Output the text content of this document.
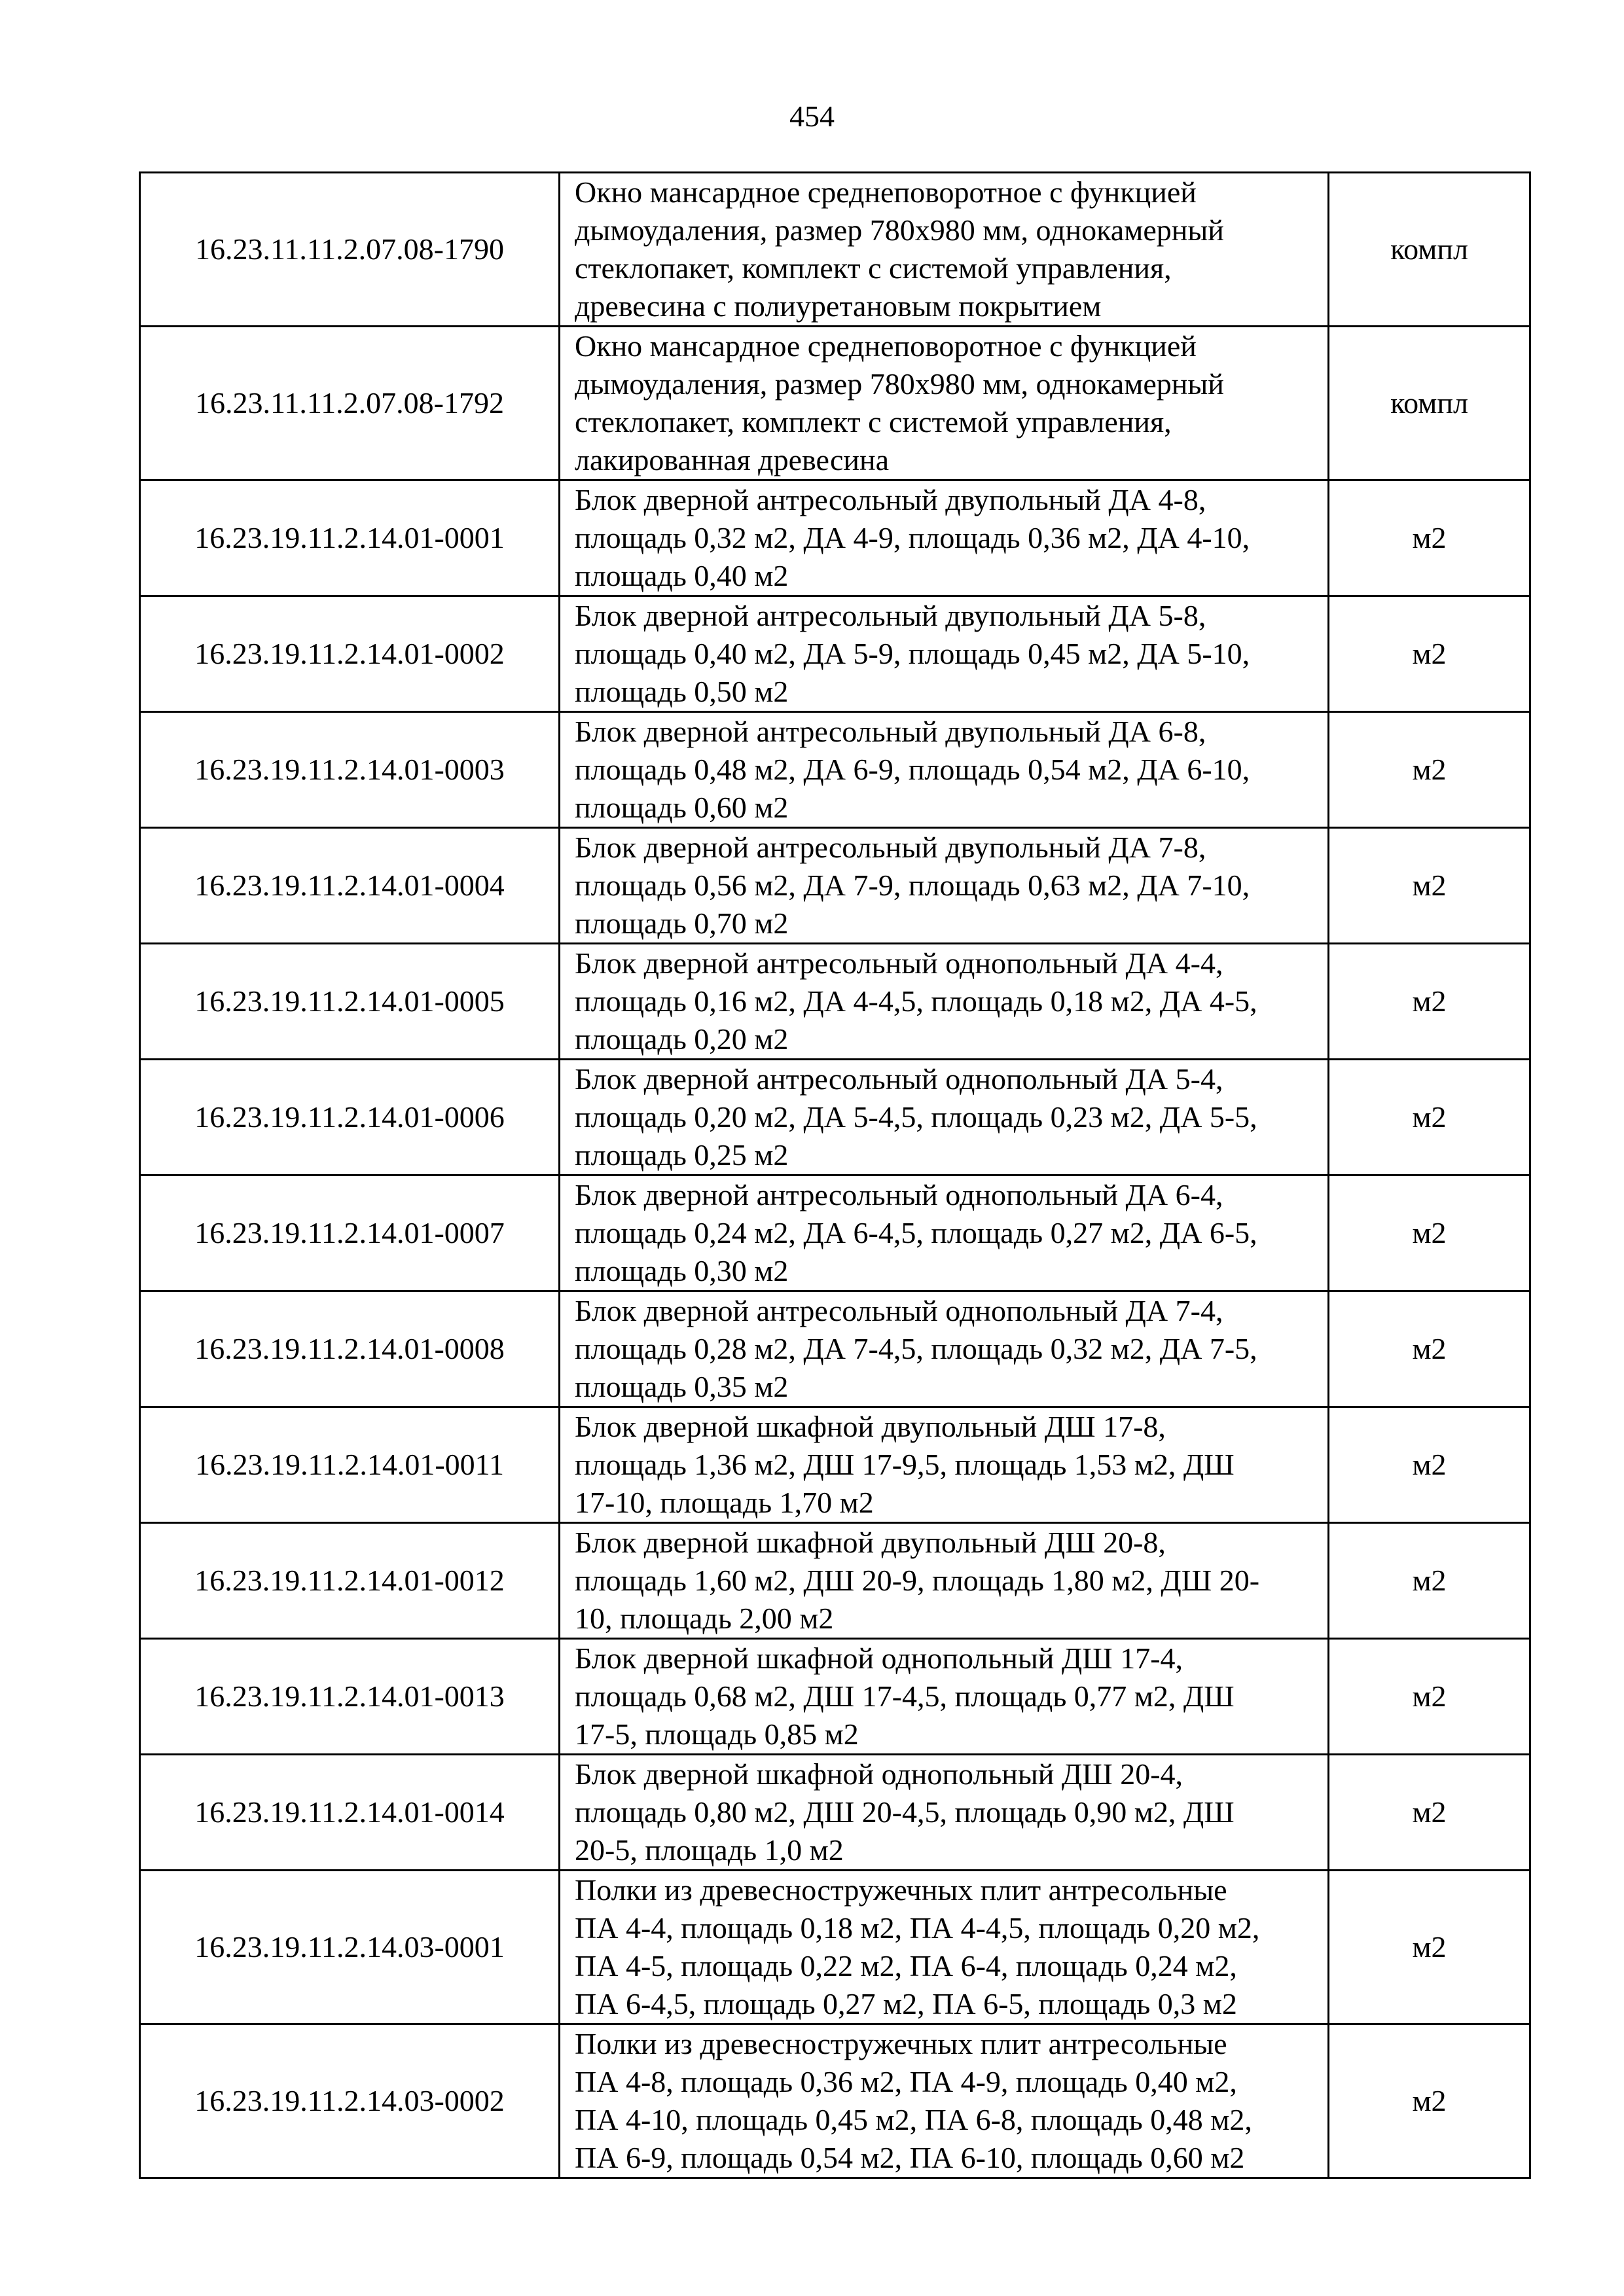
454
16.23.11.11.2.07.08-1790	Окно мансардное среднеповоротное с функцией
дымоудаления, размер 780x980 мм, однокамерный
стеклопакет, комплект с системой управления,
древесина с полиуретановым покрытием	компл
16.23.11.11.2.07.08-1792	Окно мансардное среднеповоротное с функцией
дымоудаления, размер 780x980 мм, однокамерный
стеклопакет, комплект с системой управления,
лакированная древесина	компл
16.23.19.11.2.14.01-0001	Блок дверной антресольный двупольный ДА 4-8,
площадь 0,32 м2, ДА 4-9, площадь 0,36 м2, ДА 4-10,
площадь 0,40 м2	м2
16.23.19.11.2.14.01-0002	Блок дверной антресольный двупольный ДА 5-8,
площадь 0,40 м2, ДА 5-9, площадь 0,45 м2, ДА 5-10,
площадь 0,50 м2	м2
16.23.19.11.2.14.01-0003	Блок дверной антресольный двупольный ДА 6-8,
площадь 0,48 м2, ДА 6-9, площадь 0,54 м2, ДА 6-10,
площадь 0,60 м2	м2
16.23.19.11.2.14.01-0004	Блок дверной антресольный двупольный ДА 7-8,
площадь 0,56 м2, ДА 7-9, площадь 0,63 м2, ДА 7-10,
площадь 0,70 м2	м2
16.23.19.11.2.14.01-0005	Блок дверной антресольный однопольный ДА 4-4,
площадь 0,16 м2, ДА 4-4,5, площадь 0,18 м2, ДА 4-5,
площадь 0,20 м2	м2
16.23.19.11.2.14.01-0006	Блок дверной антресольный однопольный ДА 5-4,
площадь 0,20 м2, ДА 5-4,5, площадь 0,23 м2, ДА 5-5,
площадь 0,25 м2	м2
16.23.19.11.2.14.01-0007	Блок дверной антресольный однопольный ДА 6-4,
площадь 0,24 м2, ДА 6-4,5, площадь 0,27 м2, ДА 6-5,
площадь 0,30 м2	м2
16.23.19.11.2.14.01-0008	Блок дверной антресольный однопольный ДА 7-4,
площадь 0,28 м2, ДА 7-4,5, площадь 0,32 м2, ДА 7-5,
площадь 0,35 м2	м2
16.23.19.11.2.14.01-0011	Блок дверной шкафной двупольный ДШ 17-8,
площадь 1,36 м2, ДШ 17-9,5, площадь 1,53 м2, ДШ
17-10, площадь 1,70 м2	м2
16.23.19.11.2.14.01-0012	Блок дверной шкафной двупольный ДШ 20-8,
площадь 1,60 м2, ДШ 20-9, площадь 1,80 м2, ДШ 20-
10, площадь 2,00 м2	м2
16.23.19.11.2.14.01-0013	Блок дверной шкафной однопольный ДШ 17-4,
площадь 0,68 м2, ДШ 17-4,5, площадь 0,77 м2, ДШ
17-5, площадь 0,85 м2	м2
16.23.19.11.2.14.01-0014	Блок дверной шкафной однопольный ДШ 20-4,
площадь 0,80 м2, ДШ 20-4,5, площадь 0,90 м2, ДШ
20-5, площадь 1,0 м2	м2
16.23.19.11.2.14.03-0001	Полки из древесностружечных плит антресольные
ПА 4-4, площадь 0,18 м2, ПА 4-4,5, площадь 0,20 м2,
ПА 4-5, площадь 0,22 м2, ПА 6-4, площадь 0,24 м2,
ПА 6-4,5, площадь 0,27 м2, ПА 6-5, площадь 0,3 м2	м2
16.23.19.11.2.14.03-0002	Полки из древесностружечных плит антресольные
ПА 4-8, площадь 0,36 м2, ПА 4-9, площадь 0,40 м2,
ПА 4-10, площадь 0,45 м2, ПА 6-8, площадь 0,48 м2,
ПА 6-9, площадь 0,54 м2, ПА 6-10, площадь 0,60 м2	м2
